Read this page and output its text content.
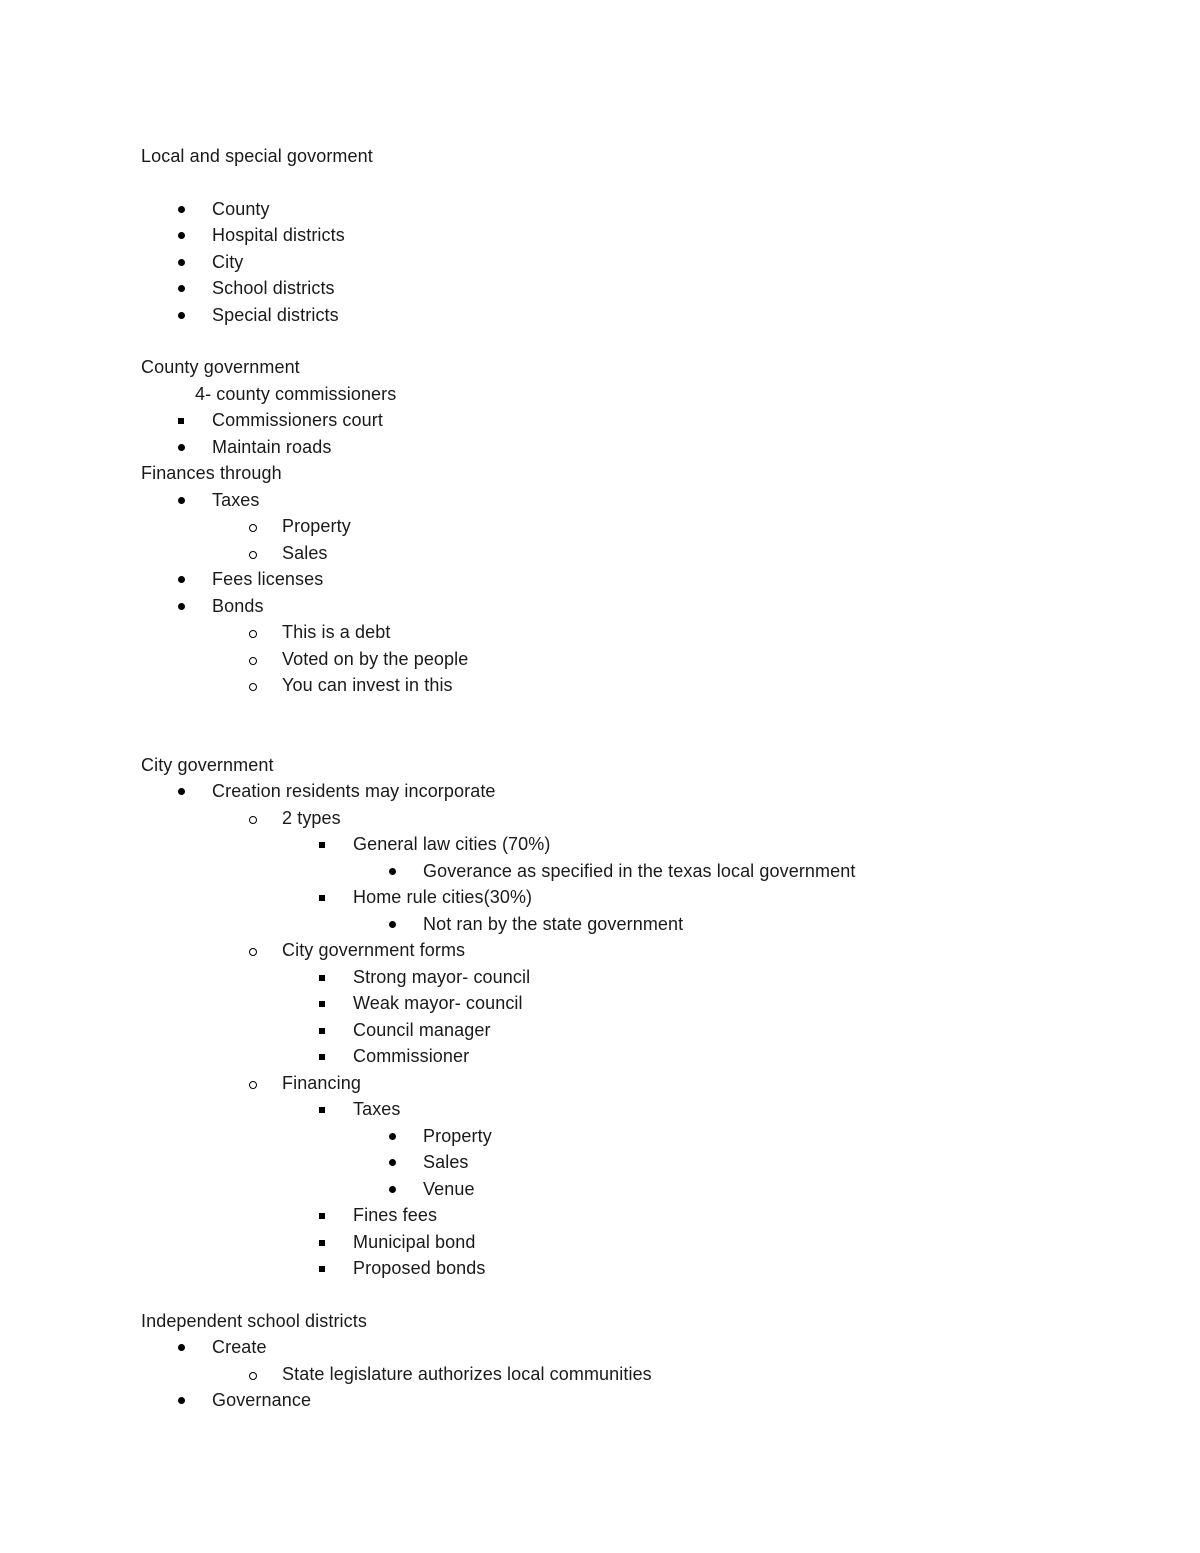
Local and special govorment
County
Hospital districts
City
School districts
Special districts
County government
4- county commissioners
Commissioners court
Maintain roads
Finances through
Taxes
Property
Sales
Fees licenses
Bonds
This is a debt
Voted on by the people
You can invest in this
City government
Creation residents may incorporate
2 types
General law cities (70%)
Goverance as specified in the texas local government
Home rule cities(30%)
Not ran by the state government
City government forms
Strong mayor- council
Weak mayor- council
Council manager
Commissioner
Financing
Taxes
Property
Sales
Venue
Fines fees
Municipal bond
Proposed bonds
Independent school districts
Create
State legislature authorizes local communities
Governance
